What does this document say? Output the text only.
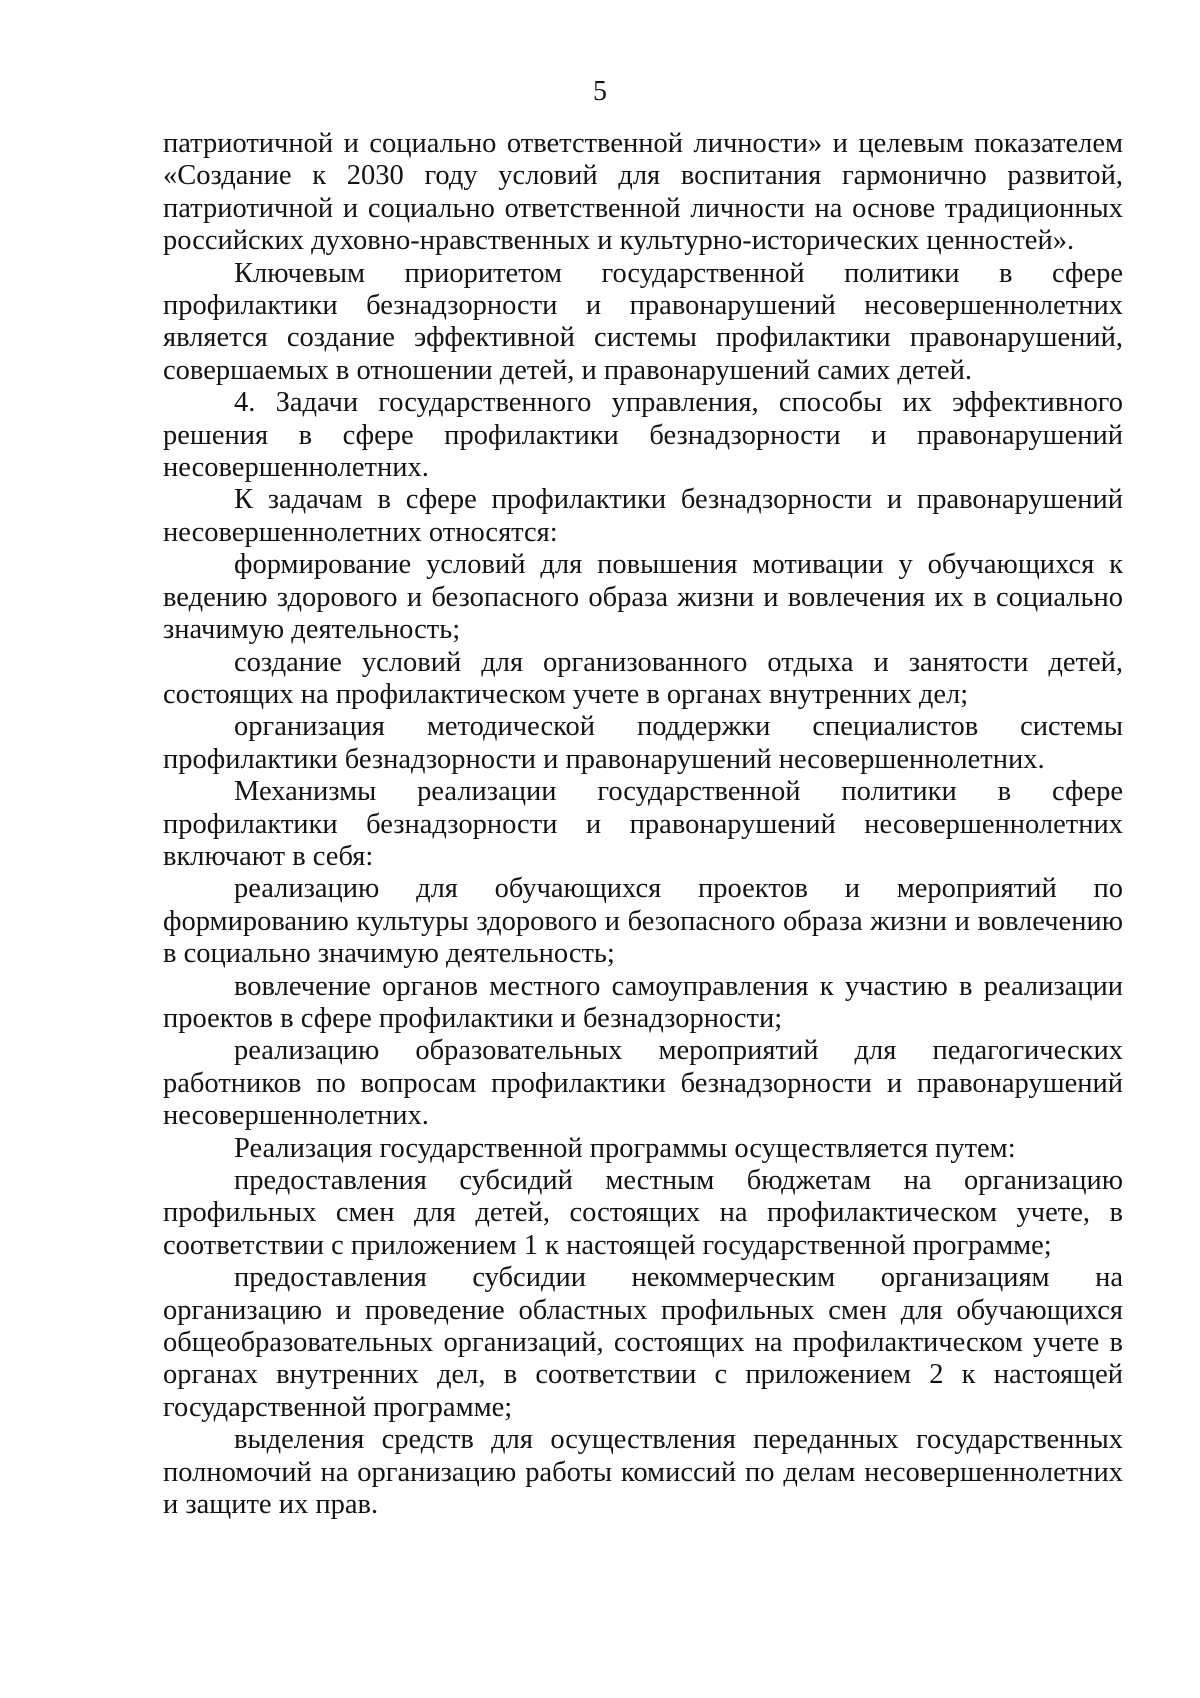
5

патриотичной и социально ответственной личности» и целевым показателем «Создание к 2030 году условий для воспитания гармонично развитой, патриотичной и социально ответственной личности на основе традиционных российских духовно-нравственных и культурно-исторических ценностей».

Ключевым приоритетом государственной политики в сфере профилактики безнадзорности и правонарушений несовершеннолетних является создание эффективной системы профилактики правонарушений, совершаемых в отношении детей, и правонарушений самих детей.

4. Задачи государственного управления, способы их эффективного решения в сфере профилактики безнадзорности и правонарушений несовершеннолетних.

К задачам в сфере профилактики безнадзорности и правонарушений несовершеннолетних относятся:

формирование условий для повышения мотивации у обучающихся к ведению здорового и безопасного образа жизни и вовлечения их в социально значимую деятельность;

создание условий для организованного отдыха и занятости детей, состоящих на профилактическом учете в органах внутренних дел;

организация методической поддержки специалистов системы профилактики безнадзорности и правонарушений несовершеннолетних.

Механизмы реализации государственной политики в сфере профилактики безнадзорности и правонарушений несовершеннолетних включают в себя:

реализацию для обучающихся проектов и мероприятий по формированию культуры здорового и безопасного образа жизни и вовлечению в социально значимую деятельность;

вовлечение органов местного самоуправления к участию в реализации проектов в сфере профилактики и безнадзорности;

реализацию образовательных мероприятий для педагогических работников по вопросам профилактики безнадзорности и правонарушений несовершеннолетних.

Реализация государственной программы осуществляется путем:

предоставления субсидий местным бюджетам на организацию профильных смен для детей, состоящих на профилактическом учете, в соответствии с приложением 1 к настоящей государственной программе;

предоставления субсидии некоммерческим организациям на организацию и проведение областных профильных смен для обучающихся общеобразовательных организаций, состоящих на профилактическом учете в органах внутренних дел, в соответствии с приложением 2 к настоящей государственной программе;

выделения средств для осуществления переданных государственных полномочий на организацию работы комиссий по делам несовершеннолетних и защите их прав.
